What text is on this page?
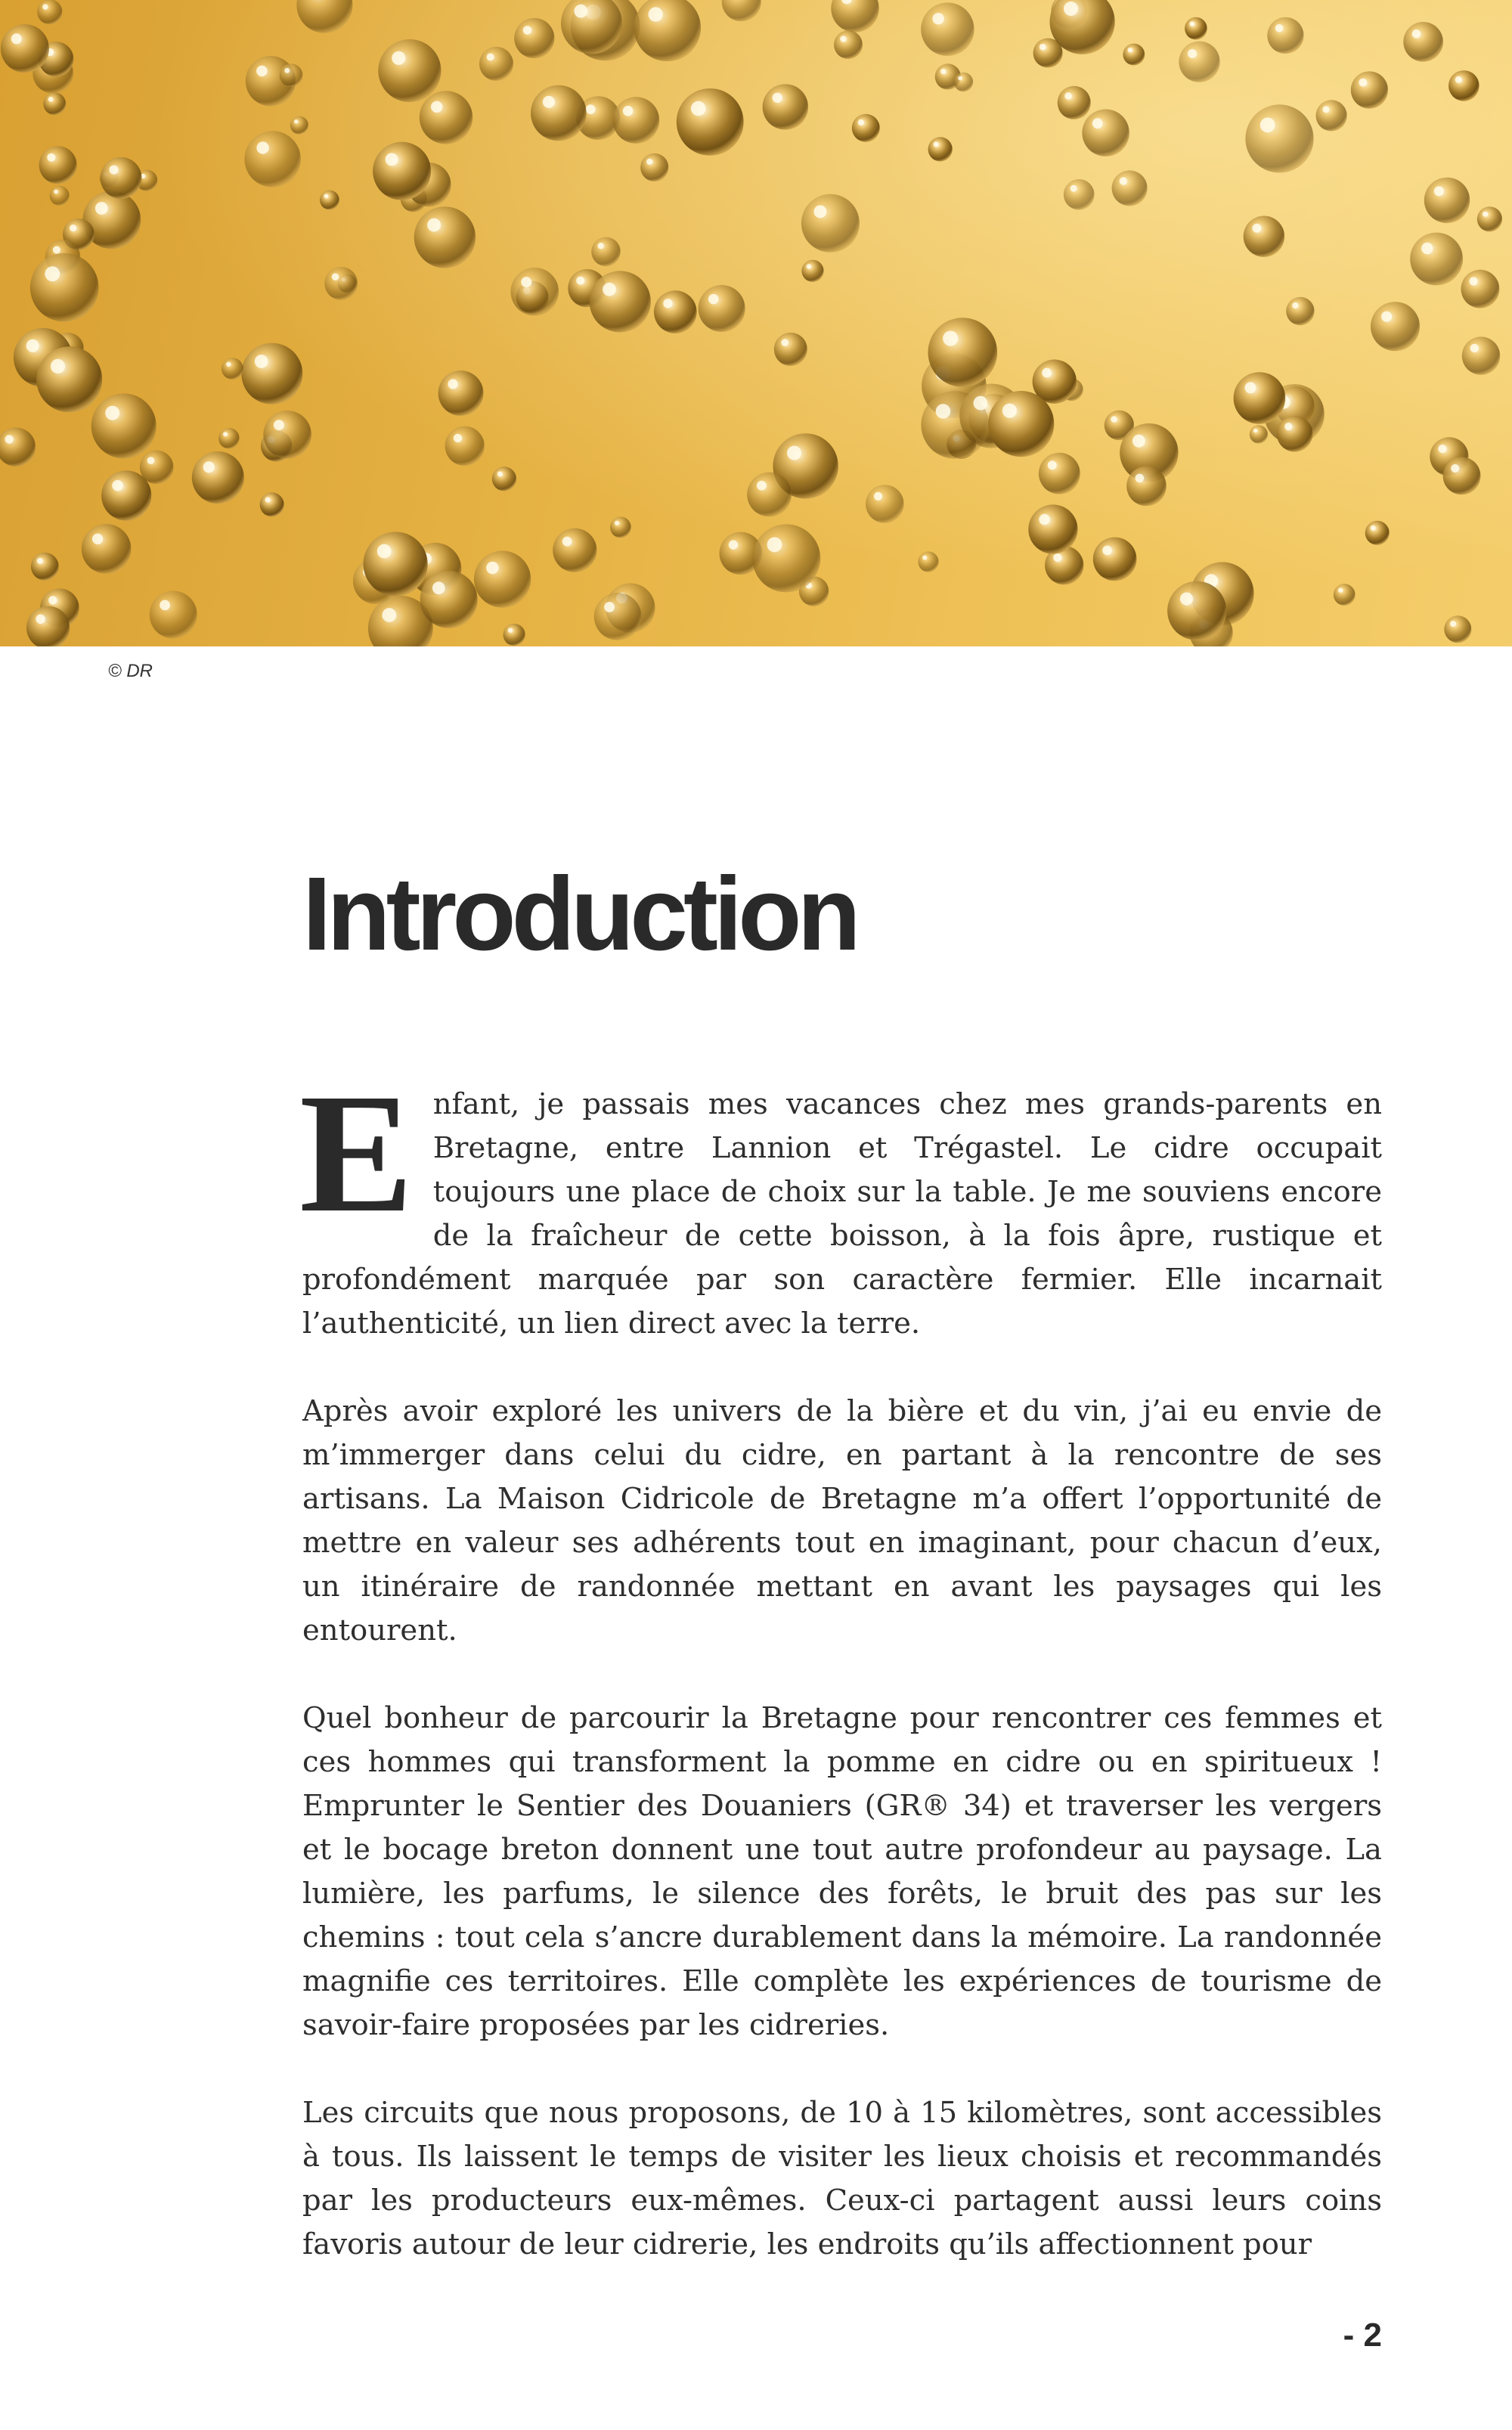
© DR
Introduction

Enfant, je passais mes vacances chez mes grands-parents en Bretagne, entre Lannion et Trégastel. Le cidre occupait toujours une place de choix sur la table. Je me souviens encore de la fraîcheur de cette boisson, à la fois âpre, rustique et profondément marquée par son caractère fermier. Elle incarnait l’authenticité, un lien direct avec la terre.

Après avoir exploré les univers de la bière et du vin, j’ai eu envie de m’immerger dans celui du cidre, en partant à la rencontre de ses artisans. La Maison Cidricole de Bretagne m’a offert l’opportunité de mettre en valeur ses adhérents tout en imaginant, pour chacun d’eux, un itinéraire de randonnée mettant en avant les paysages qui les entourent.

Quel bonheur de parcourir la Bretagne pour rencontrer ces femmes et ces hommes qui transforment la pomme en cidre ou en spiritueux ! Emprunter le Sentier des Douaniers (GR® 34) et traverser les vergers et le bocage breton donnent une tout autre profondeur au paysage. La lumière, les parfums, le silence des forêts, le bruit des pas sur les chemins : tout cela s’ancre durablement dans la mémoire. La randonnée magnifie ces territoires. Elle complète les expériences de tourisme de savoir-faire proposées par les cidreries.

Les circuits que nous proposons, de 10 à 15 kilomètres, sont accessibles à tous. Ils laissent le temps de visiter les lieux choisis et recommandés par les producteurs eux-mêmes. Ceux-ci partagent aussi leurs coins favoris autour de leur cidrerie, les endroits qu’ils affectionnent pour

- 2
